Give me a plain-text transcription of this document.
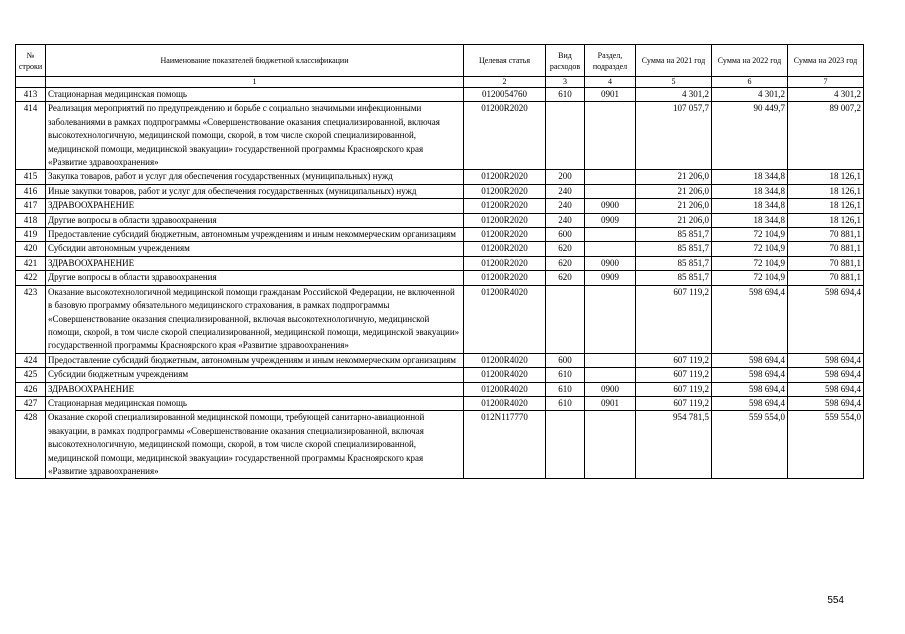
№ строки	Наименование показателей бюджетной классификации	Целевая статья	Вид расходов	Раздел, подраздел	Сумма на 2021 год	Сумма на 2022 год	Сумма на 2023 год
	1	2	3	4	5	6	7
413	Стационарная медицинская помощь	0120054760	610	0901	4 301,2	4 301,2	4 301,2
414	Реализация мероприятий по предупреждению и борьбе с социально значимыми инфекционными заболеваниями в рамках подпрограммы «Совершенствование оказания специализированной, включая высокотехнологичную, медицинской помощи, скорой, в том числе скорой специализированной, медицинской помощи, медицинской эвакуации» государственной программы Красноярского края «Развитие здравоохранения»	01200R2020			107 057,7	90 449,7	89 007,2
415	Закупка товаров, работ и услуг для обеспечения государственных (муниципальных) нужд	01200R2020	200		21 206,0	18 344,8	18 126,1
416	Иные закупки товаров, работ и услуг для обеспечения государственных (муниципальных) нужд	01200R2020	240		21 206,0	18 344,8	18 126,1
417	ЗДРАВООХРАНЕНИЕ	01200R2020	240	0900	21 206,0	18 344,8	18 126,1
418	Другие вопросы в области здравоохранения	01200R2020	240	0909	21 206,0	18 344,8	18 126,1
419	Предоставление субсидий бюджетным, автономным учреждениям и иным некоммерческим организациям	01200R2020	600		85 851,7	72 104,9	70 881,1
420	Субсидии автономным учреждениям	01200R2020	620		85 851,7	72 104,9	70 881,1
421	ЗДРАВООХРАНЕНИЕ	01200R2020	620	0900	85 851,7	72 104,9	70 881,1
422	Другие вопросы в области здравоохранения	01200R2020	620	0909	85 851,7	72 104,9	70 881,1
423	Оказание высокотехнологичной медицинской помощи гражданам Российской Федерации, не включенной в базовую программу обязательного медицинского страхования, в рамках подпрограммы «Совершенствование оказания специализированной, включая высокотехнологичную, медицинской помощи, скорой, в том числе скорой специализированной, медицинской помощи, медицинской эвакуации» государственной программы Красноярского края «Развитие здравоохранения»	01200R4020			607 119,2	598 694,4	598 694,4
424	Предоставление субсидий бюджетным, автономным учреждениям и иным некоммерческим организациям	01200R4020	600		607 119,2	598 694,4	598 694,4
425	Субсидии бюджетным учреждениям	01200R4020	610		607 119,2	598 694,4	598 694,4
426	ЗДРАВООХРАНЕНИЕ	01200R4020	610	0900	607 119,2	598 694,4	598 694,4
427	Стационарная медицинская помощь	01200R4020	610	0901	607 119,2	598 694,4	598 694,4
428	Оказание скорой специализированной медицинской помощи, требующей санитарно-авиационной эвакуации, в рамках подпрограммы «Совершенствование оказания специализированной, включая высокотехнологичную, медицинской помощи, скорой, в том числе скорой специализированной, медицинской помощи, медицинской эвакуации» государственной программы Красноярского края «Развитие здравоохранения»	012N117770			954 781,5	559 554,0	559 554,0
554
